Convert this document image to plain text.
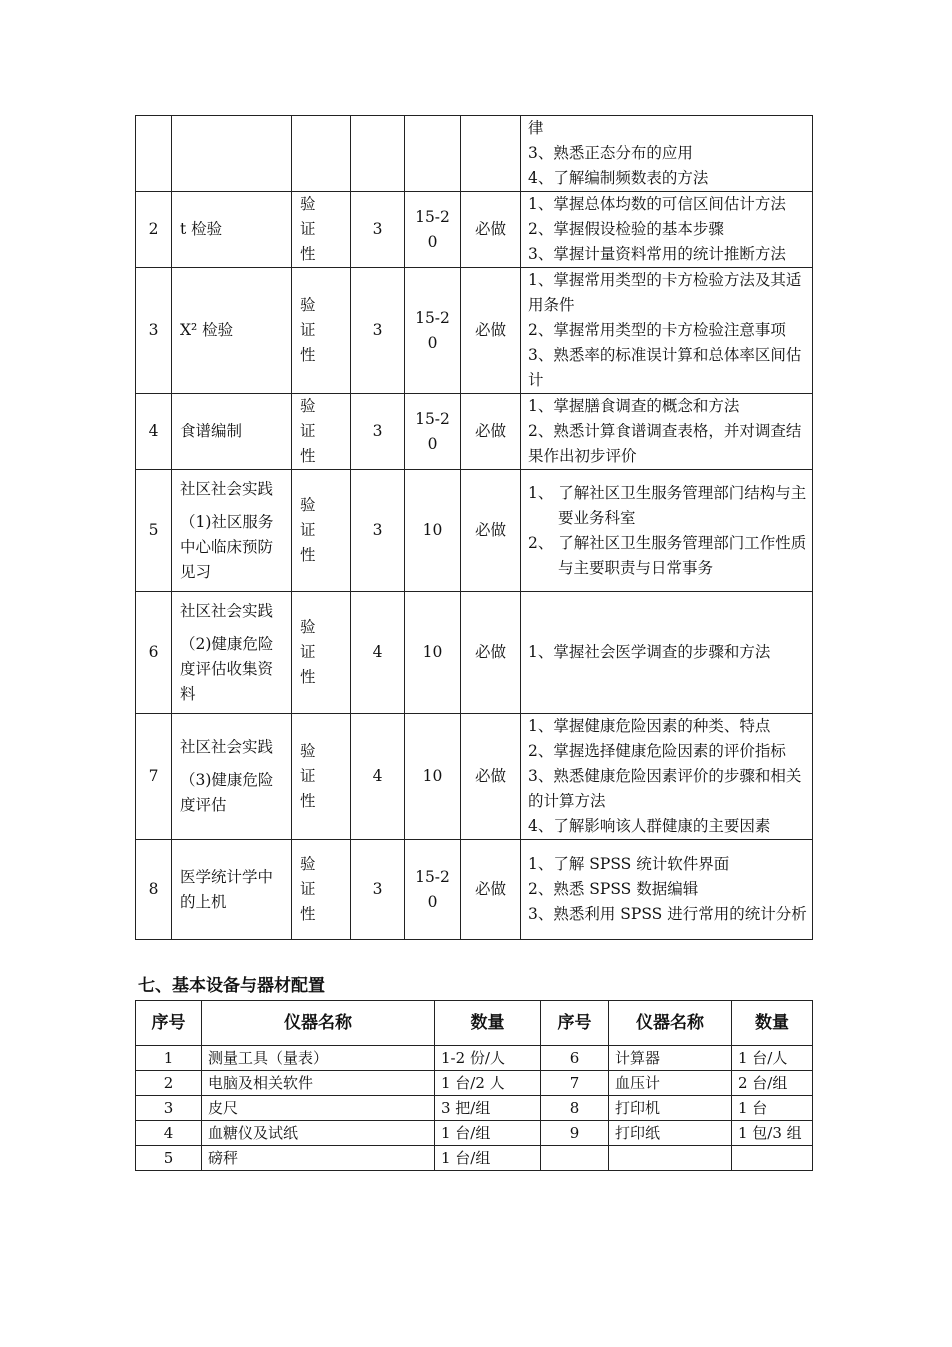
						律
3、熟悉正态分布的应用
4、了解编制频数表的方法

2	t 检验	验证性	3	15-20	必做	1、掌握总体均数的可信区间估计方法
2、掌握假设检验的基本步骤
3、掌握计量资料常用的统计推断方法

3	X² 检验	验证性	3	15-20	必做	1、掌握常用类型的卡方检验方法及其适用条件
2、掌握常用类型的卡方检验注意事项
3、熟悉率的标准误计算和总体率区间估计

4	食谱编制	验证性	3	15-20	必做	1、掌握膳食调查的概念和方法
2、熟悉计算食谱调查表格，并对调查结果作出初步评价

5	社区社会实践
（1)社区服务中心临床预防见习	验证性	3	10	必做	1、 了解社区卫生服务管理部门结构与主要业务科室
2、 了解社区卫生服务管理部门工作性质与主要职责与日常事务

6	社区社会实践
（2)健康危险度评估收集资料	验证性	4	10	必做	1、掌握社会医学调查的步骤和方法

7	社区社会实践
（3)健康危险度评估	验证性	4	10	必做	1、掌握健康危险因素的种类、特点
2、掌握选择健康危险因素的评价指标
3、熟悉健康危险因素评价的步骤和相关的计算方法
4、了解影响该人群健康的主要因素

8	医学统计学中的上机	验证性	3	15-20	必做	1、了解 SPSS 统计软件界面
2、熟悉 SPSS 数据编辑
3、熟悉利用 SPSS 进行常用的统计分析
七、基本设备与器材配置
序号	仪器名称	数量	序号	仪器名称	数量
1	测量工具（量表）	1-2 份/人	6	计算器	1 台/人
2	电脑及相关软件	1 台/2 人	7	血压计	2 台/组
3	皮尺	3 把/组	8	打印机	1 台
4	血糖仪及试纸	1 台/组	9	打印纸	1 包/3 组
5	磅秤	1 台/组			
